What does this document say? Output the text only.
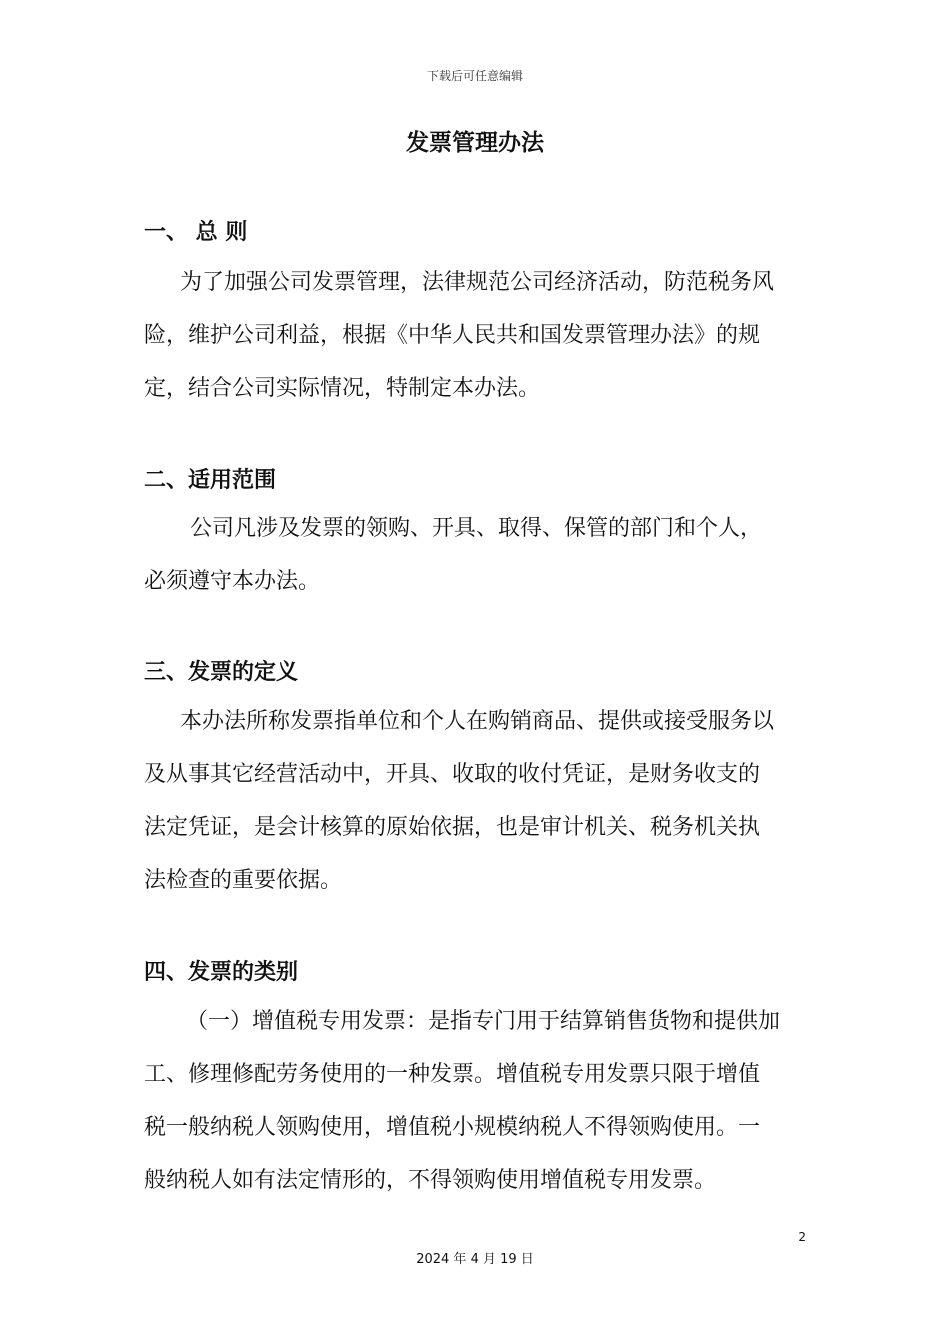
下载后可任意编辑
发票管理办法
一、 总 则
为了加强公司发票管理，法律规范公司经济活动，防范税务风
险，维护公司利益，根据《中华人民共和国发票管理办法》的规
定，结合公司实际情况，特制定本办法。
二、适用范围
公司凡涉及发票的领购、开具、取得、保管的部门和个人，
必须遵守本办法。
三、发票的定义
本办法所称发票指单位和个人在购销商品、提供或接受服务以
及从事其它经营活动中，开具、收取的收付凭证，是财务收支的
法定凭证，是会计核算的原始依据，也是审计机关、税务机关执
法检查的重要依据。
四、发票的类别
（一）增值税专用发票：是指专门用于结算销售货物和提供加
工、修理修配劳务使用的一种发票。增值税专用发票只限于增值
税一般纳税人领购使用，增值税小规模纳税人不得领购使用。一
般纳税人如有法定情形的，不得领购使用增值税专用发票。
2
2024 年 4 月 19 日
